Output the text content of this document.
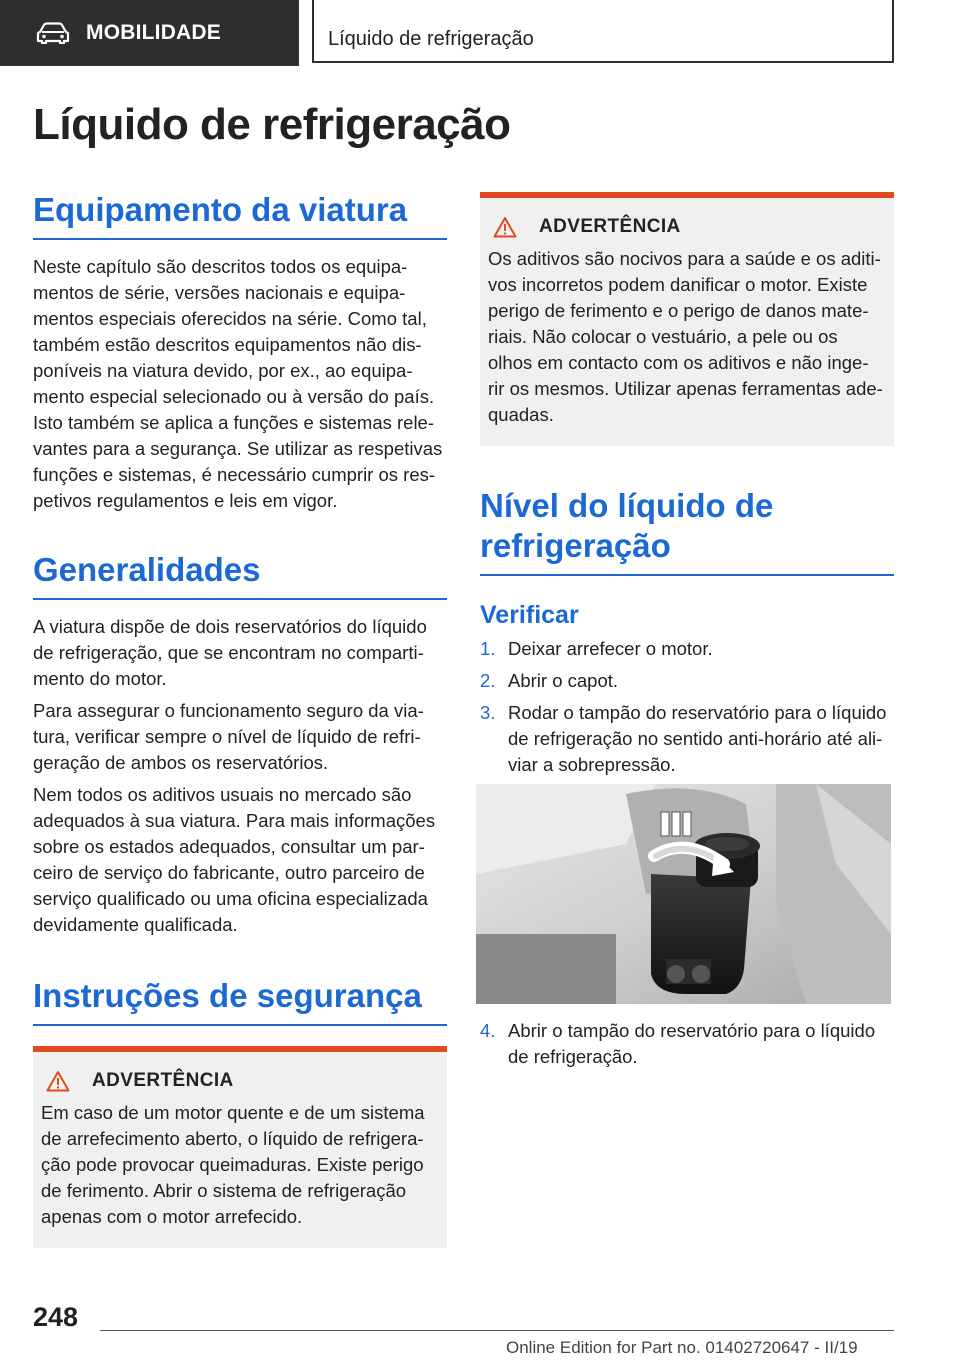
MOBILIDADE	Líquido de refrigeração
Líquido de refrigeração
Equipamento da viatura

Neste capítulo são descritos todos os equipa-
mentos de série, versões nacionais e equipa-
mentos especiais oferecidos na série. Como tal,
também estão descritos equipamentos não dis-
poníveis na viatura devido, por ex., ao equipa-
mento especial selecionado ou à versão do país.
Isto também se aplica a funções e sistemas rele-
vantes para a segurança. Se utilizar as respetivas
funções e sistemas, é necessário cumprir os res-
petivos regulamentos e leis em vigor.

Generalidades

A viatura dispõe de dois reservatórios do líquido
de refrigeração, que se encontram no comparti-
mento do motor.

Para assegurar o funcionamento seguro da via-
tura, verificar sempre o nível de líquido de refri-
geração de ambos os reservatórios.

Nem todos os aditivos usuais no mercado são
adequados à sua viatura. Para mais informações
sobre os estados adequados, consultar um par-
ceiro de serviço do fabricante, outro parceiro de
serviço qualificado ou uma oficina especializada
devidamente qualificada.

Instruções de segurança
ADVERTÊNCIA

Em caso de um motor quente e de um sistema
de arrefecimento aberto, o líquido de refrigera-
ção pode provocar queimaduras. Existe perigo
de ferimento. Abrir o sistema de refrigeração
apenas com o motor arrefecido.

ADVERTÊNCIA

Os aditivos são nocivos para a saúde e os aditi-
vos incorretos podem danificar o motor. Existe
perigo de ferimento e o perigo de danos mate-
riais. Não colocar o vestuário, a pele ou os
olhos em contacto com os aditivos e não inge-
rir os mesmos. Utilizar apenas ferramentas ade-
quadas.

Nível do líquido de
refrigeração
Verificar
1. Deixar arrefecer o motor.
2. Abrir o capot.
3. Rodar o tampão do reservatório para o líquido
de refrigeração no sentido anti-horário até ali-
viar a sobrepressão.
4. Abrir o tampão do reservatório para o líquido
de refrigeração.
248
Online Edition for Part no. 01402720647 - II/19
